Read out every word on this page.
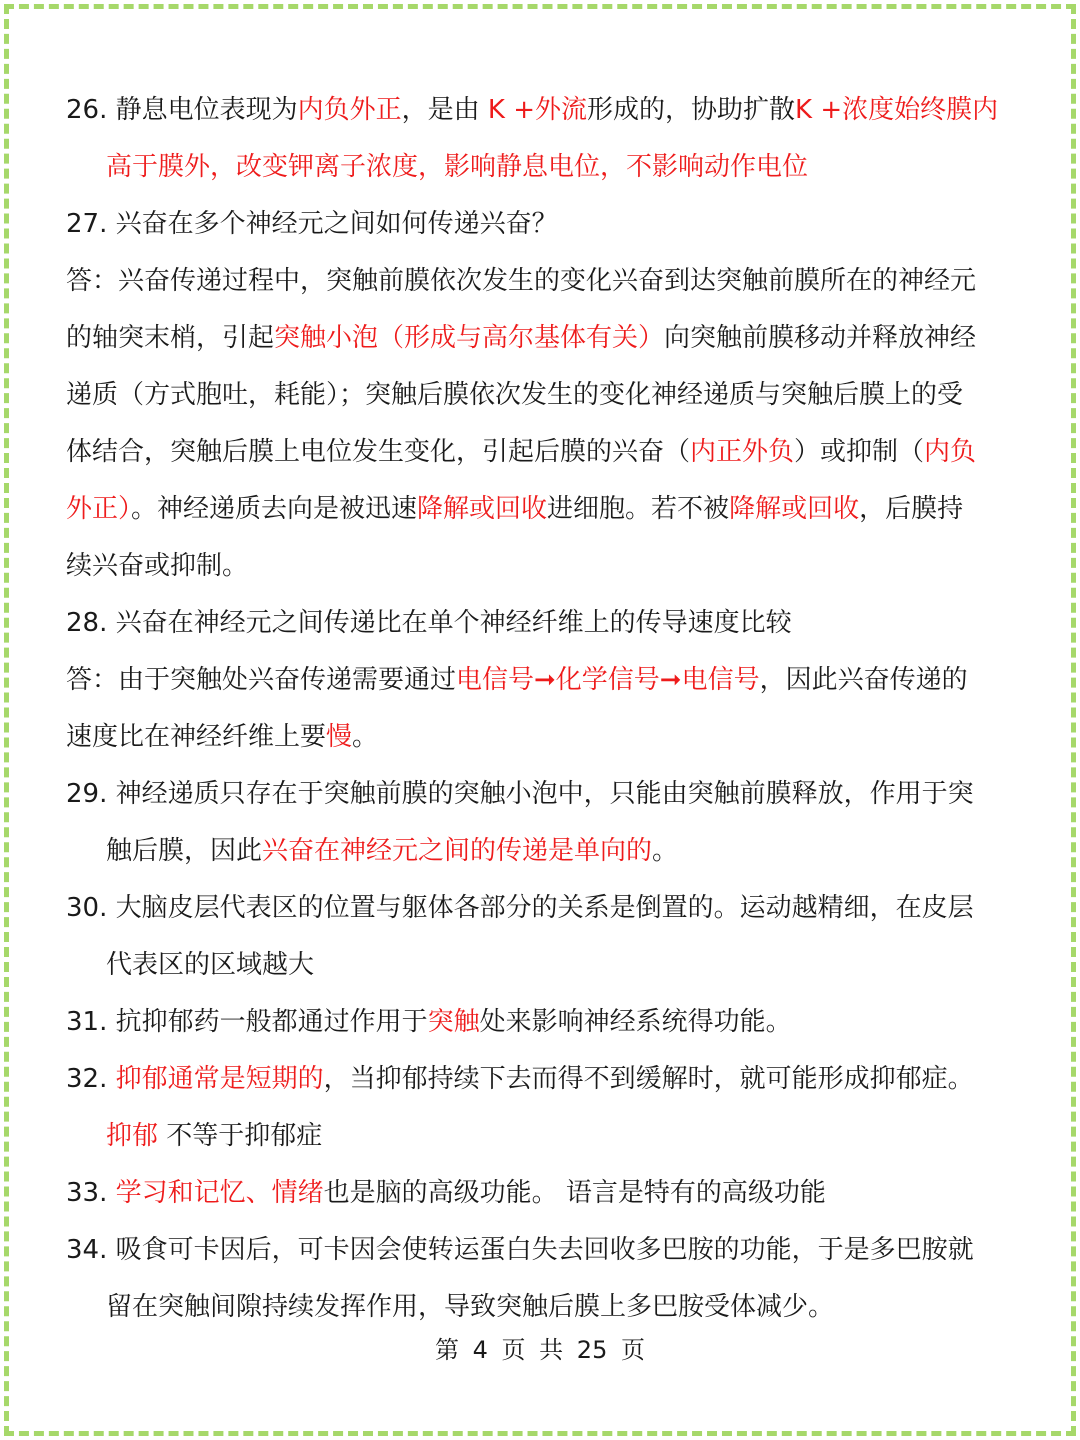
26. 静息电位表现为内负外正，是由 K +外流形成的，协助扩散K +浓度始终膜内
高于膜外，改变钾离子浓度，影响静息电位，不影响动作电位
27. 兴奋在多个神经元之间如何传递兴奋？
答：兴奋传递过程中，突触前膜依次发生的变化兴奋到达突触前膜所在的神经元
的轴突末梢，引起突触小泡（形成与高尔基体有关）向突触前膜移动并释放神经
递质（方式胞吐，耗能）；突触后膜依次发生的变化神经递质与突触后膜上的受
体结合，突触后膜上电位发生变化，引起后膜的兴奋（内正外负）或抑制（内负
外正）。神经递质去向是被迅速降解或回收进细胞。若不被降解或回收，后膜持
续兴奋或抑制。
28. 兴奋在神经元之间传递比在单个神经纤维上的传导速度比较
答：由于突触处兴奋传递需要通过电信号➞化学信号➞电信号，因此兴奋传递的
速度比在神经纤维上要慢。
29. 神经递质只存在于突触前膜的突触小泡中，只能由突触前膜释放，作用于突
触后膜，因此兴奋在神经元之间的传递是单向的。
30. 大脑皮层代表区的位置与躯体各部分的关系是倒置的。运动越精细，在皮层
代表区的区域越大
31. 抗抑郁药一般都通过作用于突触处来影响神经系统得功能。
32. 抑郁通常是短期的，当抑郁持续下去而得不到缓解时，就可能形成抑郁症。
抑郁 不等于抑郁症
33. 学习和记忆、情绪也是脑的高级功能。 语言是特有的高级功能
34. 吸食可卡因后，可卡因会使转运蛋白失去回收多巴胺的功能，于是多巴胺就
留在突触间隙持续发挥作用，导致突触后膜上多巴胺受体减少。
第 4 页 共 25 页
